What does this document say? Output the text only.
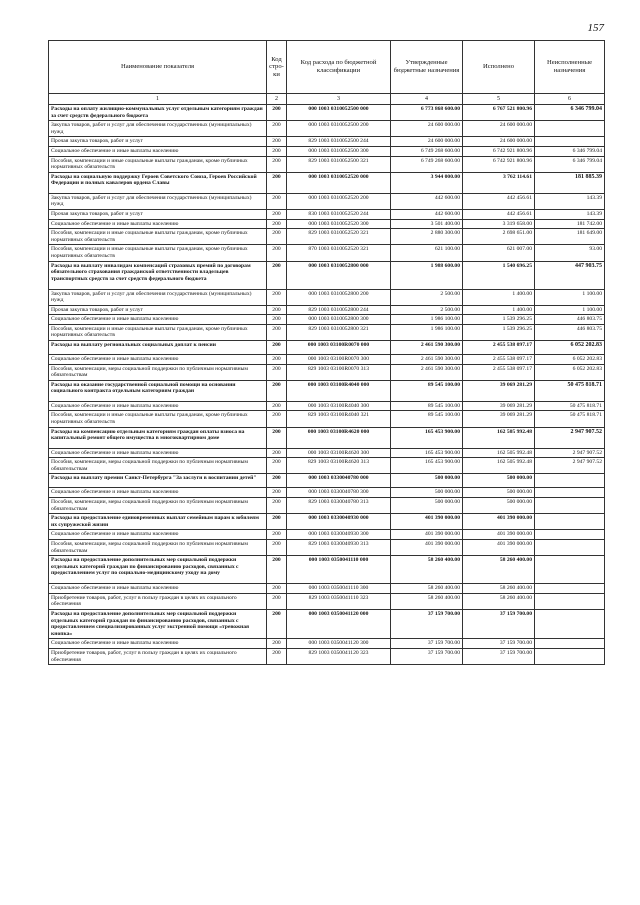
157
Наименование показателя	Код стро-ки	Код расхода по бюджетной классификации	Утвержденные бюджетные назначения	Исполнено	Неисполненные назначения
1	2	3	4	5	6
Расходы на оплату жилищно-коммунальных услуг отдельным категориям граждан за счет средств федерального бюджета	200	000 1003 0310052500 000	6 773 868 600.00	6 767 521 800.96	6 346 799.04
Закупка товаров, работ и услуг для обеспечения государственных (муниципальных) нужд	200	000 1003 0310052500 200	24 600 000.00	24 600 000.00	
Прочая закупка товаров, работ и услуг	200	829 1003 0310052500 244	24 600 000.00	24 600 000.00	
Социальное обеспечение и иные выплаты населению	200	000 1003 0310052500 300	6 749 268 600.00	6 742 921 800.96	6 346 799.04
Пособия, компенсации и иные социальные выплаты гражданам, кроме публичных нормативных обязательств	200	829 1003 0310052500 321	6 749 268 600.00	6 742 921 800.96	6 346 799.04
Расходы на социальную поддержку Героев Советского Союза, Героев Российской Федерации и полных кавалеров ордена Славы	200	000 1003 0310052520 000	3 944 000.00	3 762 114.61	181 885.39
Закупка товаров, работ и услуг для обеспечения государственных (муниципальных) нужд	200	000 1003 0310052520 200	442 600.00	442 456.61	143.39
Прочая закупка товаров, работ и услуг	200	830 1003 0310052520 244	442 600.00	442 456.61	143.39
Социальное обеспечение и иные выплаты населению	200	000 1003 0310052520 300	3 501 400.00	3 319 658.00	181 742.00
Пособия, компенсации и иные социальные выплаты гражданам, кроме публичных нормативных обязательств	200	829 1003 0310052520 321	2 880 300.00	2 698 651.00	181 649.00
Пособия, компенсации и иные социальные выплаты гражданам, кроме публичных нормативных обязательств	200	870 1003 0310052520 321	621 100.00	621 007.00	93.00
Расходы на выплату инвалидам компенсаций страховых премий по договорам обязательного страхования гражданской ответственности владельцев транспортных средств за счет средств федерального бюджета	200	000 1003 0310052800 000	1 988 600.00	1 540 696.25	447 903.75
Закупка товаров, работ и услуг для обеспечения государственных (муниципальных) нужд	200	000 1003 0310052800 200	2 500.00	1 400.00	1 100.00
Прочая закупка товаров, работ и услуг	200	829 1003 0310052800 244	2 500.00	1 400.00	1 100.00
Социальное обеспечение и иные выплаты населению	200	000 1003 0310052800 300	1 986 100.00	1 539 296.25	446 803.75
Пособия, компенсации и иные социальные выплаты гражданам, кроме публичных нормативных обязательств	200	829 1003 0310052800 321	1 986 100.00	1 539 296.25	446 803.75
Расходы на выплату региональных социальных доплат к пенсии	200	000 1003 03100R0070 000	2 461 590 300.00	2 455 538 097.17	6 052 202.83
Социальное обеспечение и иные выплаты населению	200	000 1003 03100R0070 300	2 461 590 300.00	2 455 538 097.17	6 052 202.83
Пособия, компенсации, меры социальной поддержки по публичным нормативным обязательствам	200	829 1003 03100R0070 313	2 461 590 300.00	2 455 538 097.17	6 052 202.83
Расходы на оказание государственной социальной помощи на основании социального контракта отдельным категориям граждан	200	000 1003 03100R4040 000	89 545 100.00	39 069 281.29	50 475 818.71
Социальное обеспечение и иные выплаты населению	200	000 1003 03100R4040 300	89 545 100.00	39 069 281.29	50 475 818.71
Пособия, компенсации и иные социальные выплаты гражданам, кроме публичных нормативных обязательств	200	829 1003 03100R4040 321	89 545 100.00	39 069 281.29	50 475 818.71
Расходы на компенсацию отдельным категориям граждан оплаты взноса на капитальный ремонт общего имущества в многоквартирном доме	200	000 1003 03100R4620 000	165 453 900.00	162 505 992.48	2 947 907.52
Социальное обеспечение и иные выплаты населению	200	000 1003 03100R4620 300	165 453 900.00	162 505 992.48	2 947 907.52
Пособия, компенсации, меры социальной поддержки по публичным нормативным обязательствам	200	829 1003 03100R4620 313	165 453 900.00	162 505 992.48	2 947 907.52
Расходы на выплату премии Санкт-Петербурга "За заслуги в воспитании детей"	200	000 1003 0330040780 000	500 000.00	500 000.00	
Социальное обеспечение и иные выплаты населению	200	000 1003 0330040780 300	500 000.00	500 000.00	
Пособия, компенсации, меры социальной поддержки по публичным нормативным обязательствам	200	829 1003 0330040780 313	500 000.00	500 000.00	
Расходы на предоставление единовременных выплат семейным парам к юбилеям их супружеской жизни	200	000 1003 0330040930 000	401 390 000.00	401 390 000.00	
Социальное обеспечение и иные выплаты населению	200	000 1003 0330040930 300	401 390 000.00	401 390 000.00	
Пособия, компенсации, меры социальной поддержки по публичным нормативным обязательствам	200	829 1003 0330040930 313	401 390 000.00	401 390 000.00	
Расходы на предоставление дополнительных мер социальной поддержки отдельных категорий граждан по финансированию расходов, связанных с предоставлением услуг по социально-медицинскому уходу на дому	200	000 1003 0350041110 000	58 260 400.00	58 260 400.00	
Социальное обеспечение и иные выплаты населению	200	000 1003 0350041110 300	58 260 400.00	58 260 400.00	
Приобретение товаров, работ, услуг в пользу граждан в целях их социального обеспечения	200	829 1003 0350041110 323	58 260 400.00	58 260 400.00	
Расходы на предоставление дополнительных мер социальной поддержки отдельных категорий граждан по финансированию расходов, связанных с предоставлением специализированных услуг экстренной помощи «тревожная кнопка»	200	000 1003 0350041120 000	37 159 700.00	37 159 700.00	
Социальное обеспечение и иные выплаты населению	200	000 1003 0350041120 300	37 159 700.00	37 159 700.00	
Приобретение товаров, работ, услуг в пользу граждан в целях их социального обеспечения	200	829 1003 0350041120 323	37 159 700.00	37 159 700.00	
